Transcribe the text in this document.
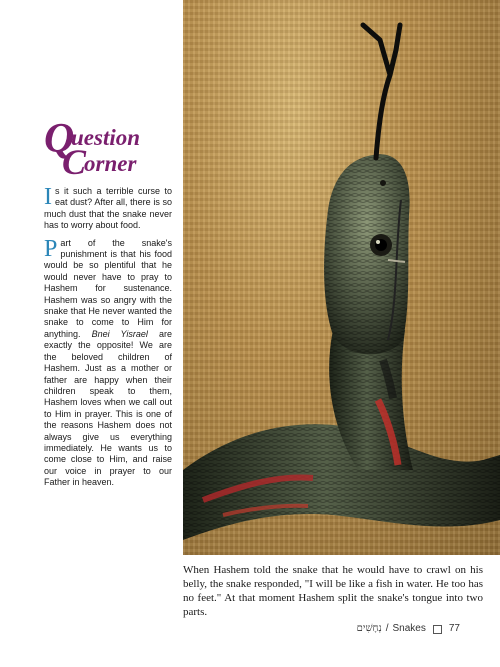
Q
uestion
C
orner

Is it such a terrible curse to eat dust? After all, there is so much dust that the snake never has to worry about food.

Part of the snake's punishment is that his food would be so plentiful that he would never have to pray to Hashem for sustenance. Hashem was so angry with the snake that He never wanted the snake to come to Him for anything. Bnei Yisrael are exactly the opposite! We are the beloved children of Hashem. Just as a mother or father are happy when their children speak to them, Hashem loves when we call out to Him in prayer. This is one of the reasons Hashem does not always give us everything immediately. He wants us to come close to Him, and raise our voice in prayer to our Father in heaven.

When Hashem told the snake that he would have to crawl on his belly, the snake responded, "I will be like a fish in water. He too has no feet." At that moment Hashem split the snake's tongue into two parts.
נְחָשִׁים / Snakes 77
